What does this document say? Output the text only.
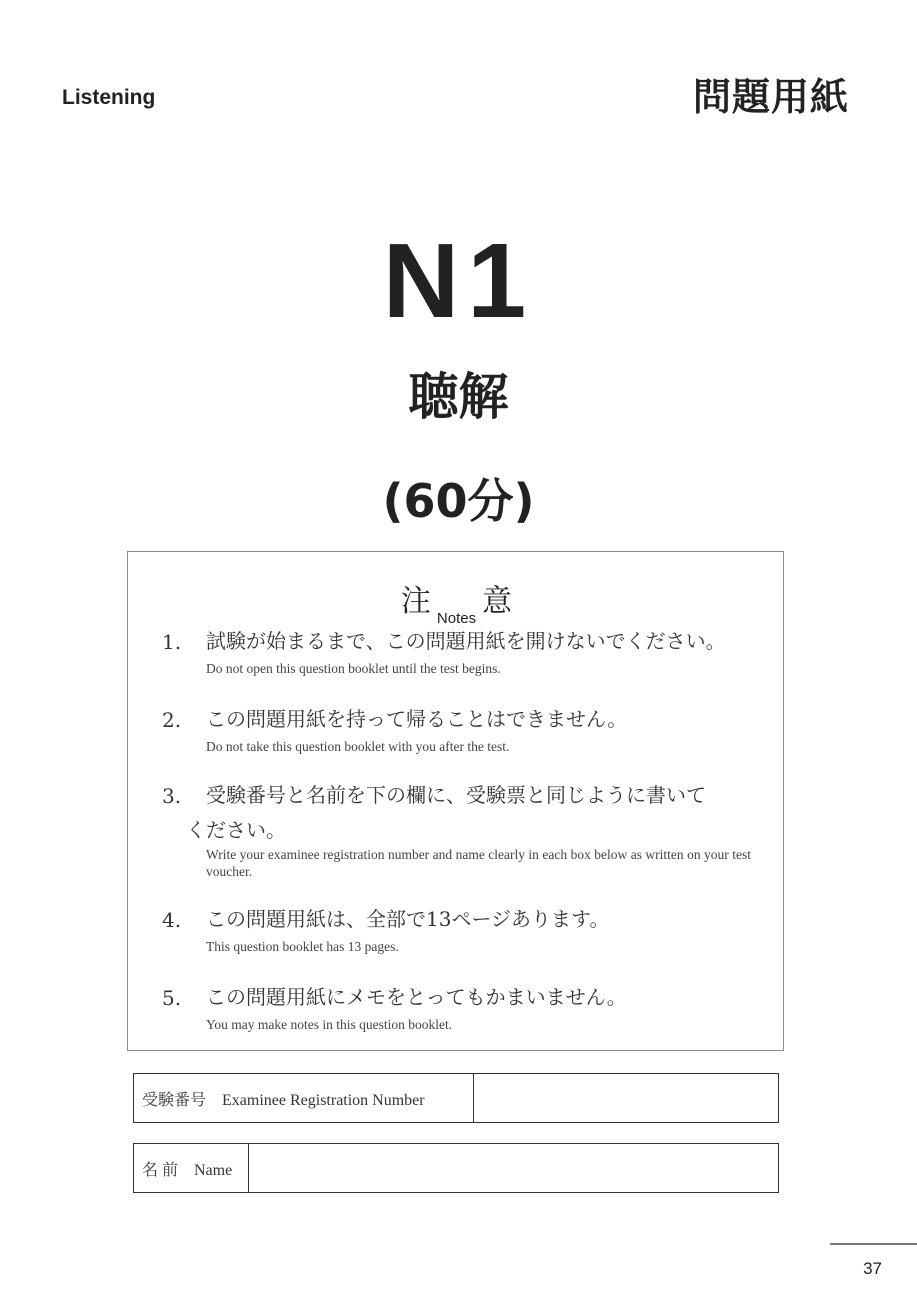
Listening	問題用紙
N1
聴解
(60分)
注 $_{Notes}$ 意
1. 試験が始まるまで、この問題用紙を開けないでください。
Do not open this question booklet until the test begins.
2. この問題用紙を持って帰ることはできません。
Do not take this question booklet with you after the test.
3. 受験番号と名前を下の欄に、受験票と同じように書いて
ください。
Write your examinee registration number and name clearly in each box below as written on your test voucher.
4. この問題用紙は、全部で13ページあります。
This question booklet has 13 pages.
5. この問題用紙にメモをとってもかまいません。
You may make notes in this question booklet.
受験番号　Examinee Registration Number
名 前　Name
37
